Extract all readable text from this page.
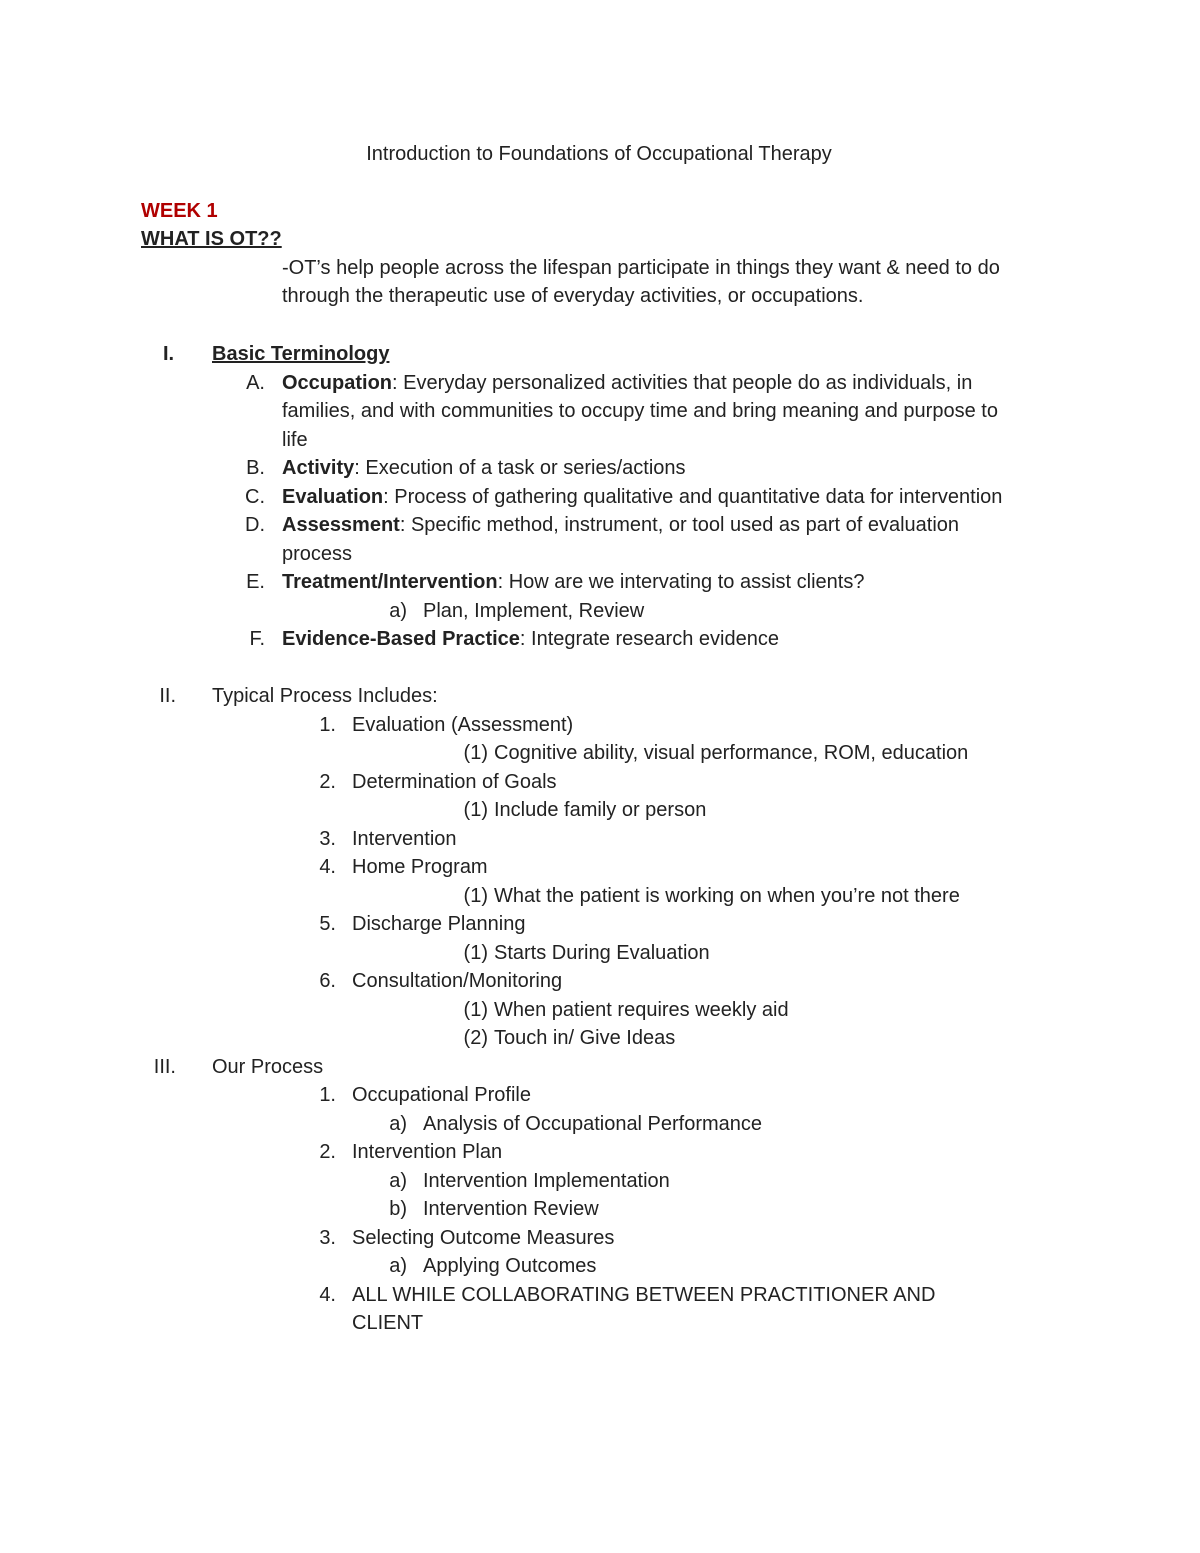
Introduction to Foundations of Occupational Therapy
WEEK 1
WHAT IS OT??
-OT’s help people across the lifespan participate in things they want & need to do
through the therapeutic use of everyday activities, or occupations.
I. Basic Terminology
A. Occupation: Everyday personalized activities that people do as individuals, in
families, and with communities to occupy time and bring meaning and purpose to
life
B. Activity: Execution of a task or series/actions
C. Evaluation: Process of gathering qualitative and quantitative data for intervention
D. Assessment: Specific method, instrument, or tool used as part of evaluation
process
E. Treatment/Intervention: How are we intervating to assist clients?
a) Plan, Implement, Review
F. Evidence-Based Practice: Integrate research evidence
II. Typical Process Includes:
1. Evaluation (Assessment)
(1) Cognitive ability, visual performance, ROM, education
2. Determination of Goals
(1) Include family or person
3. Intervention
4. Home Program
(1) What the patient is working on when you’re not there
5. Discharge Planning
(1) Starts During Evaluation
6. Consultation/Monitoring
(1) When patient requires weekly aid
(2) Touch in/ Give Ideas
III. Our Process
1. Occupational Profile
a) Analysis of Occupational Performance
2. Intervention Plan
a) Intervention Implementation
b) Intervention Review
3. Selecting Outcome Measures
a) Applying Outcomes
4. ALL WHILE COLLABORATING BETWEEN PRACTITIONER AND
CLIENT
